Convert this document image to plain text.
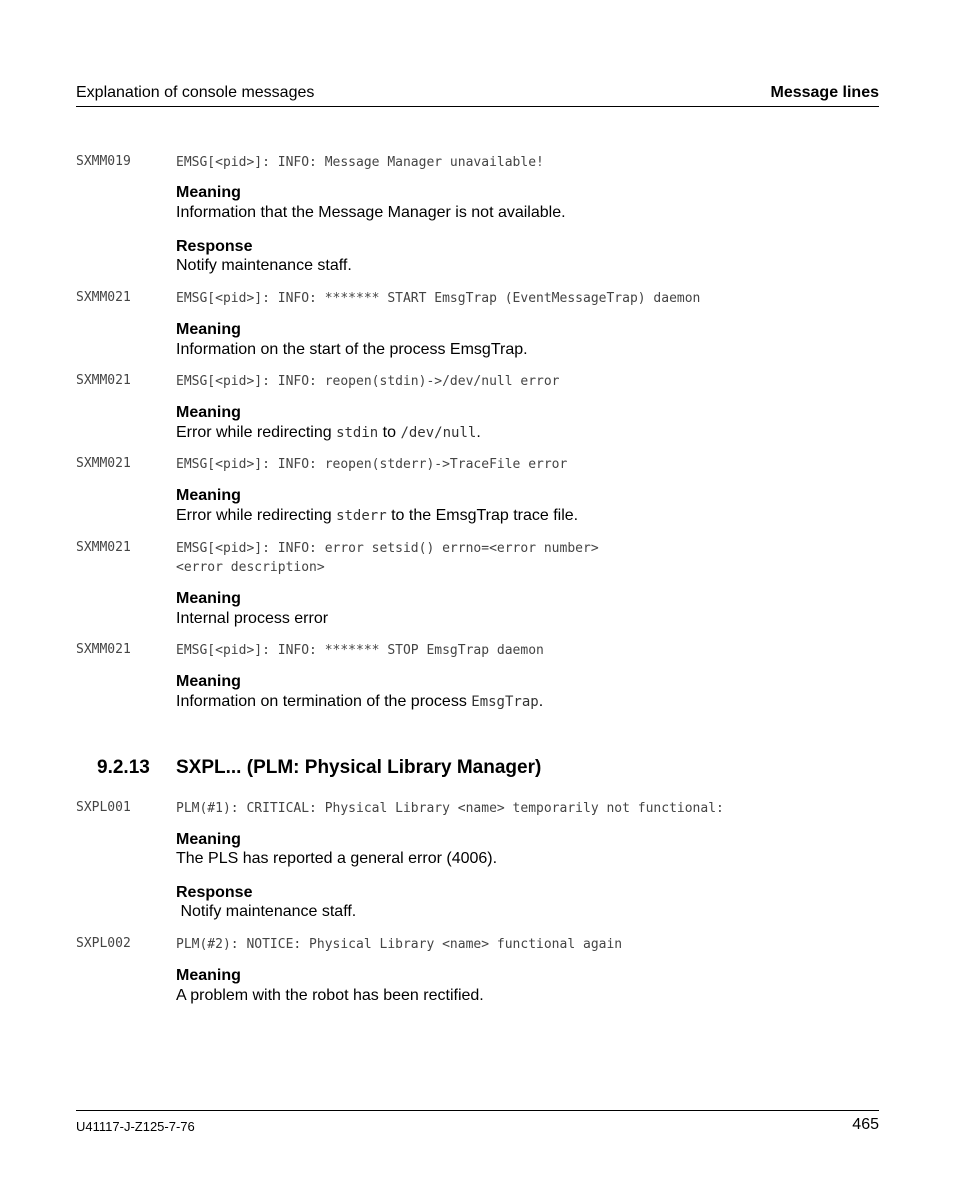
Explanation of console messages	Message lines
SXMM019	EMSG[<pid>]: INFO: Message Manager unavailable!
Meaning
Information that the Message Manager is not available.
Response
Notify maintenance staff.
SXMM021	EMSG[<pid>]: INFO: ******* START EmsgTrap (EventMessageTrap) daemon
Meaning
Information on the start of the process EmsgTrap.
SXMM021	EMSG[<pid>]: INFO: reopen(stdin)->/dev/null error
Meaning
Error while redirecting stdin to /dev/null.
SXMM021	EMSG[<pid>]: INFO: reopen(stderr)->TraceFile error
Meaning
Error while redirecting stderr to the EmsgTrap trace file.
SXMM021	EMSG[<pid>]: INFO: error setsid() errno=<error number>
<error description>
Meaning
Internal process error
SXMM021	EMSG[<pid>]: INFO: ******* STOP EmsgTrap daemon
Meaning
Information on termination of the process EmsgTrap.
9.2.13 SXPL... (PLM: Physical Library Manager)
SXPL001	PLM(#1): CRITICAL: Physical Library <name> temporarily not functional:
Meaning
The PLS has reported a general error (4006).
Response
Notify maintenance staff.
SXPL002	PLM(#2): NOTICE: Physical Library <name> functional again
Meaning
A problem with the robot has been rectified.
U41117-J-Z125-7-76	465
